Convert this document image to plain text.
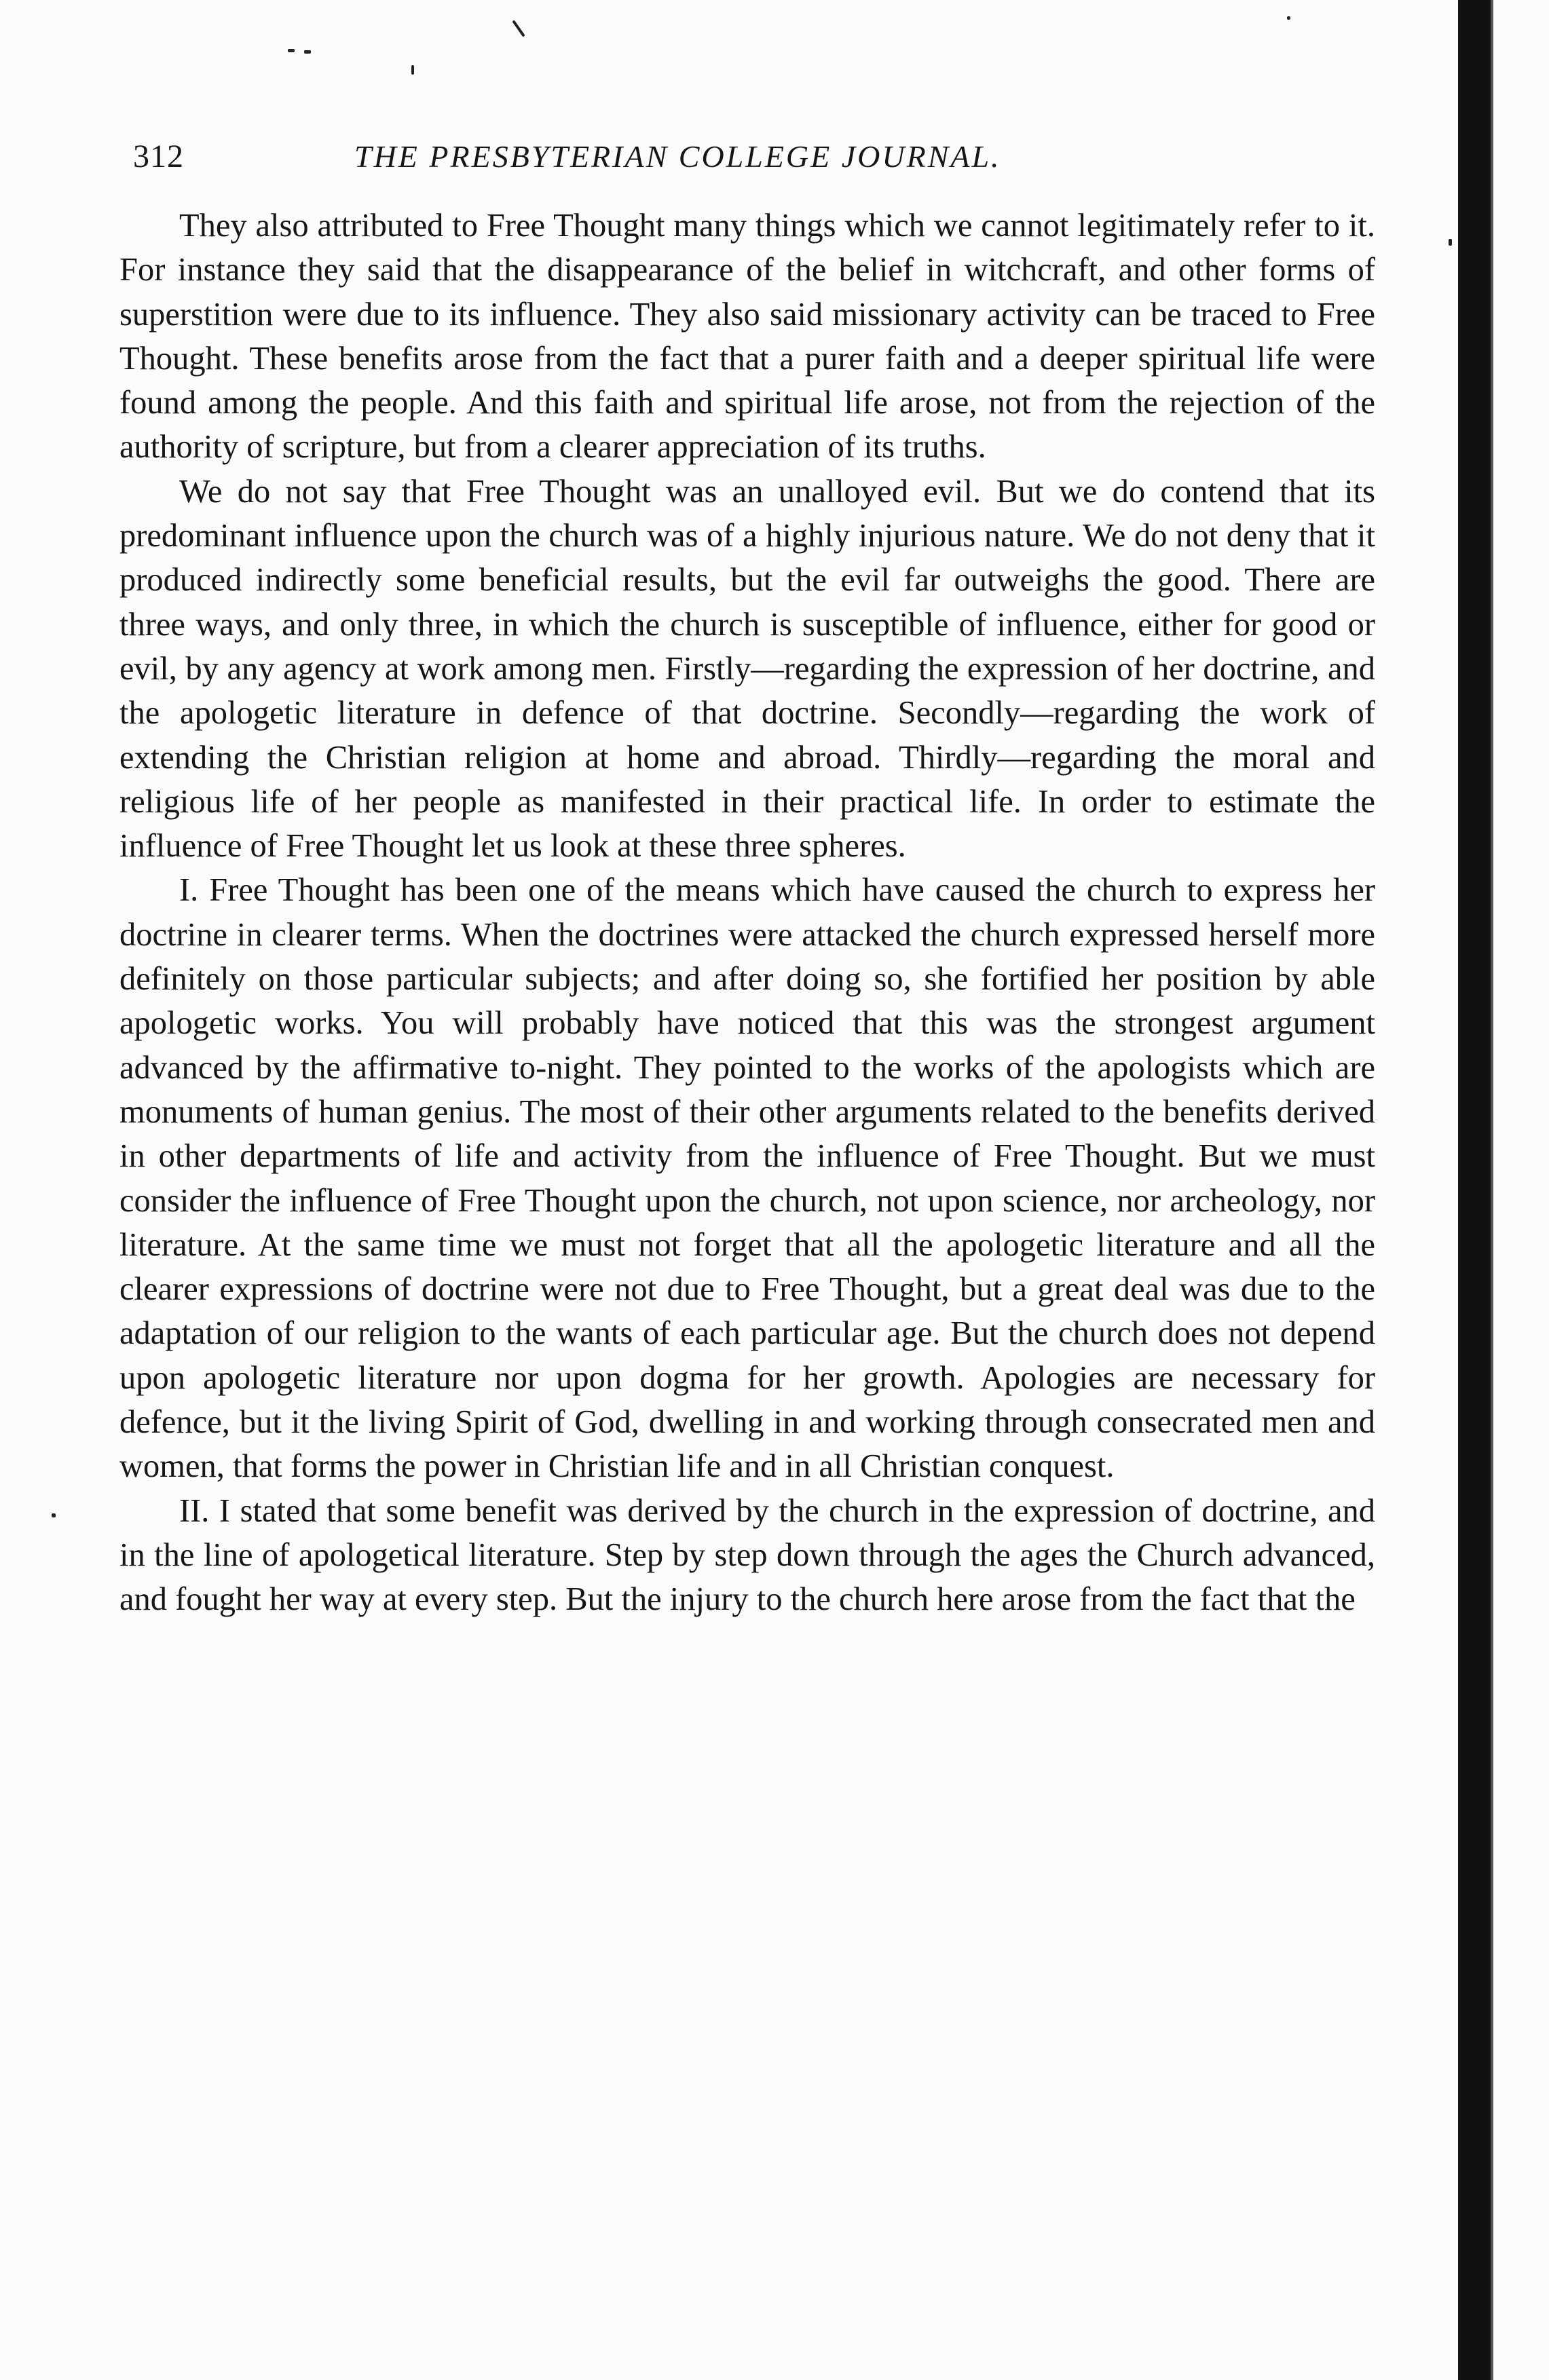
312	THE PRESBYTERIAN COLLEGE JOURNAL.

They also attributed to Free Thought many things which we cannot legitimately refer to it. For instance they said that the disappearance of the belief in witchcraft, and other forms of superstition were due to its influence. They also said missionary activity can be traced to Free Thought. These benefits arose from the fact that a purer faith and a deeper spiritual life were found among the people. And this faith and spiritual life arose, not from the rejection of the authority of scripture, but from a clearer appreciation of its truths.

We do not say that Free Thought was an unalloyed evil. But we do contend that its predominant influence upon the church was of a highly injurious nature. We do not deny that it produced indirectly some beneficial results, but the evil far outweighs the good. There are three ways, and only three, in which the church is susceptible of influence, either for good or evil, by any agency at work among men. Firstly—regarding the expression of her doctrine, and the apologetic literature in defence of that doctrine. Secondly—regarding the work of extending the Christian religion at home and abroad. Thirdly—regarding the moral and religious life of her people as manifested in their practical life. In order to estimate the influence of Free Thought let us look at these three spheres.

I. Free Thought has been one of the means which have caused the church to express her doctrine in clearer terms. When the doctrines were attacked the church expressed herself more definitely on those particular subjects; and after doing so, she fortified her position by able apologetic works. You will probably have noticed that this was the strongest argument advanced by the affirmative to-night. They pointed to the works of the apologists which are monuments of human genius. The most of their other arguments related to the benefits derived in other departments of life and activity from the influence of Free Thought. But we must consider the influence of Free Thought upon the church, not upon science, nor archeology, nor literature. At the same time we must not forget that all the apologetic literature and all the clearer expressions of doctrine were not due to Free Thought, but a great deal was due to the adaptation of our religion to the wants of each particular age. But the church does not depend upon apologetic literature nor upon dogma for her growth. Apologies are necessary for defence, but it the living Spirit of God, dwelling in and working through consecrated men and women, that forms the power in Christian life and in all Christian conquest.

II. I stated that some benefit was derived by the church in the expression of doctrine, and in the line of apologetical literature. Step by step down through the ages the Church advanced, and fought her way at every step. But the injury to the church here arose from the fact that the
